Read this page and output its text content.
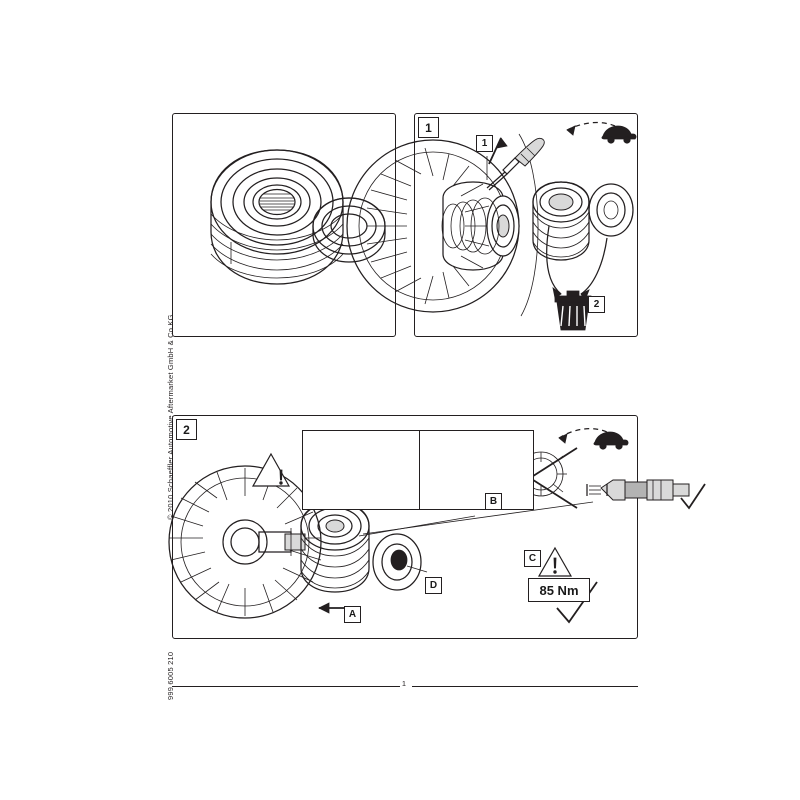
1
2
1
2
A
B
C
D	85 Nm
© 2010 Schaeffler Automotive Aftermarket GmbH & Co.KG
999 6005 210	1
